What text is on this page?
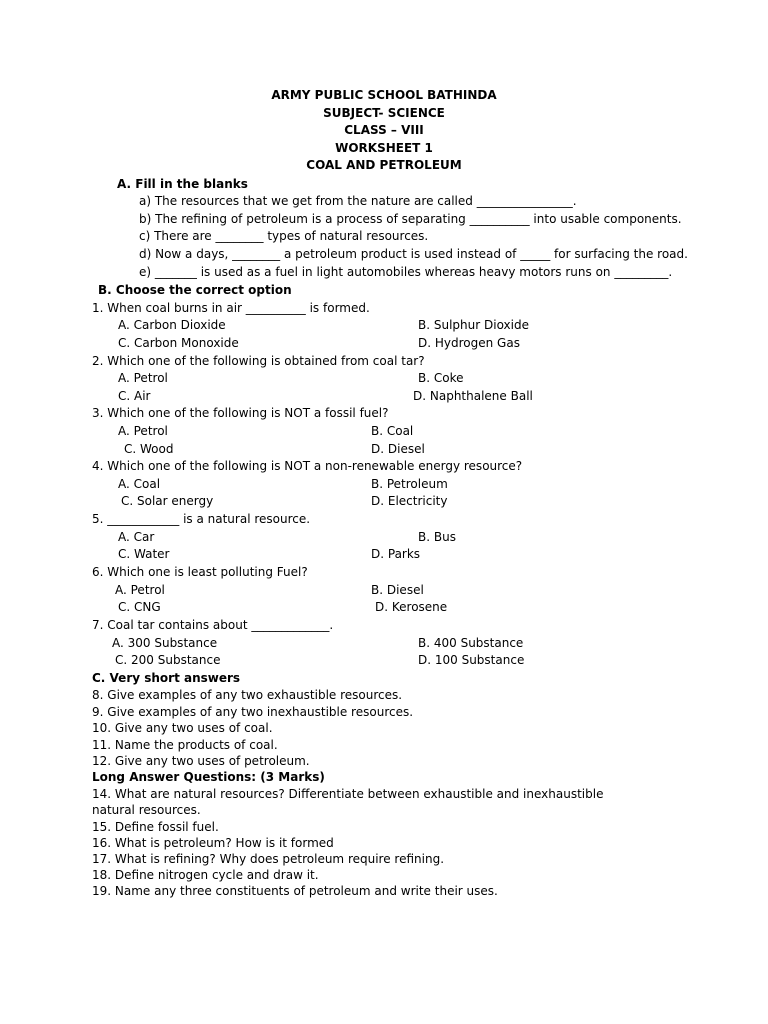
ARMY PUBLIC SCHOOL BATHINDA
SUBJECT- SCIENCE
CLASS – VIII
WORKSHEET 1
COAL AND PETROLEUM
A. Fill in the blanks
a) The resources that we get from the nature are called ________________.
b) The refining of petroleum is a process of separating __________ into usable components.
c) There are ________ types of natural resources.
d) Now a days, ________ a petroleum product is used instead of _____ for surfacing the road.
e) _______ is used as a fuel in light automobiles whereas heavy motors runs on _________.
B. Choose the correct option
1. When coal burns in air __________ is formed.
A. Carbon Dioxide	B. Sulphur Dioxide
C. Carbon Monoxide	D. Hydrogen Gas
2. Which one of the following is obtained from coal tar?
A. Petrol	B. Coke
C. Air	D. Naphthalene Ball
3. Which one of the following is NOT a fossil fuel?
A. Petrol	B. Coal
C. Wood	D. Diesel
4. Which one of the following is NOT a non-renewable energy resource?
A. Coal	B. Petroleum
C. Solar energy	D. Electricity
5. ____________ is a natural resource.
A. Car	B. Bus
C. Water	D. Parks
6. Which one is least polluting Fuel?
A. Petrol	B. Diesel
C. CNG	D. Kerosene
7. Coal tar contains about _____________.
A. 300 Substance	B. 400 Substance
C. 200 Substance	D. 100 Substance
C. Very short answers
8. Give examples of any two exhaustible resources.
9. Give examples of any two inexhaustible resources.
10. Give any two uses of coal.
11. Name the products of coal.
12. Give any two uses of petroleum.
Long Answer Questions: (3 Marks)
14. What are natural resources? Differentiate between exhaustible and inexhaustible natural resources.
15. Define fossil fuel.
16. What is petroleum? How is it formed
17. What is refining? Why does petroleum require refining.
18. Define nitrogen cycle and draw it.
19. Name any three constituents of petroleum and write their uses.
